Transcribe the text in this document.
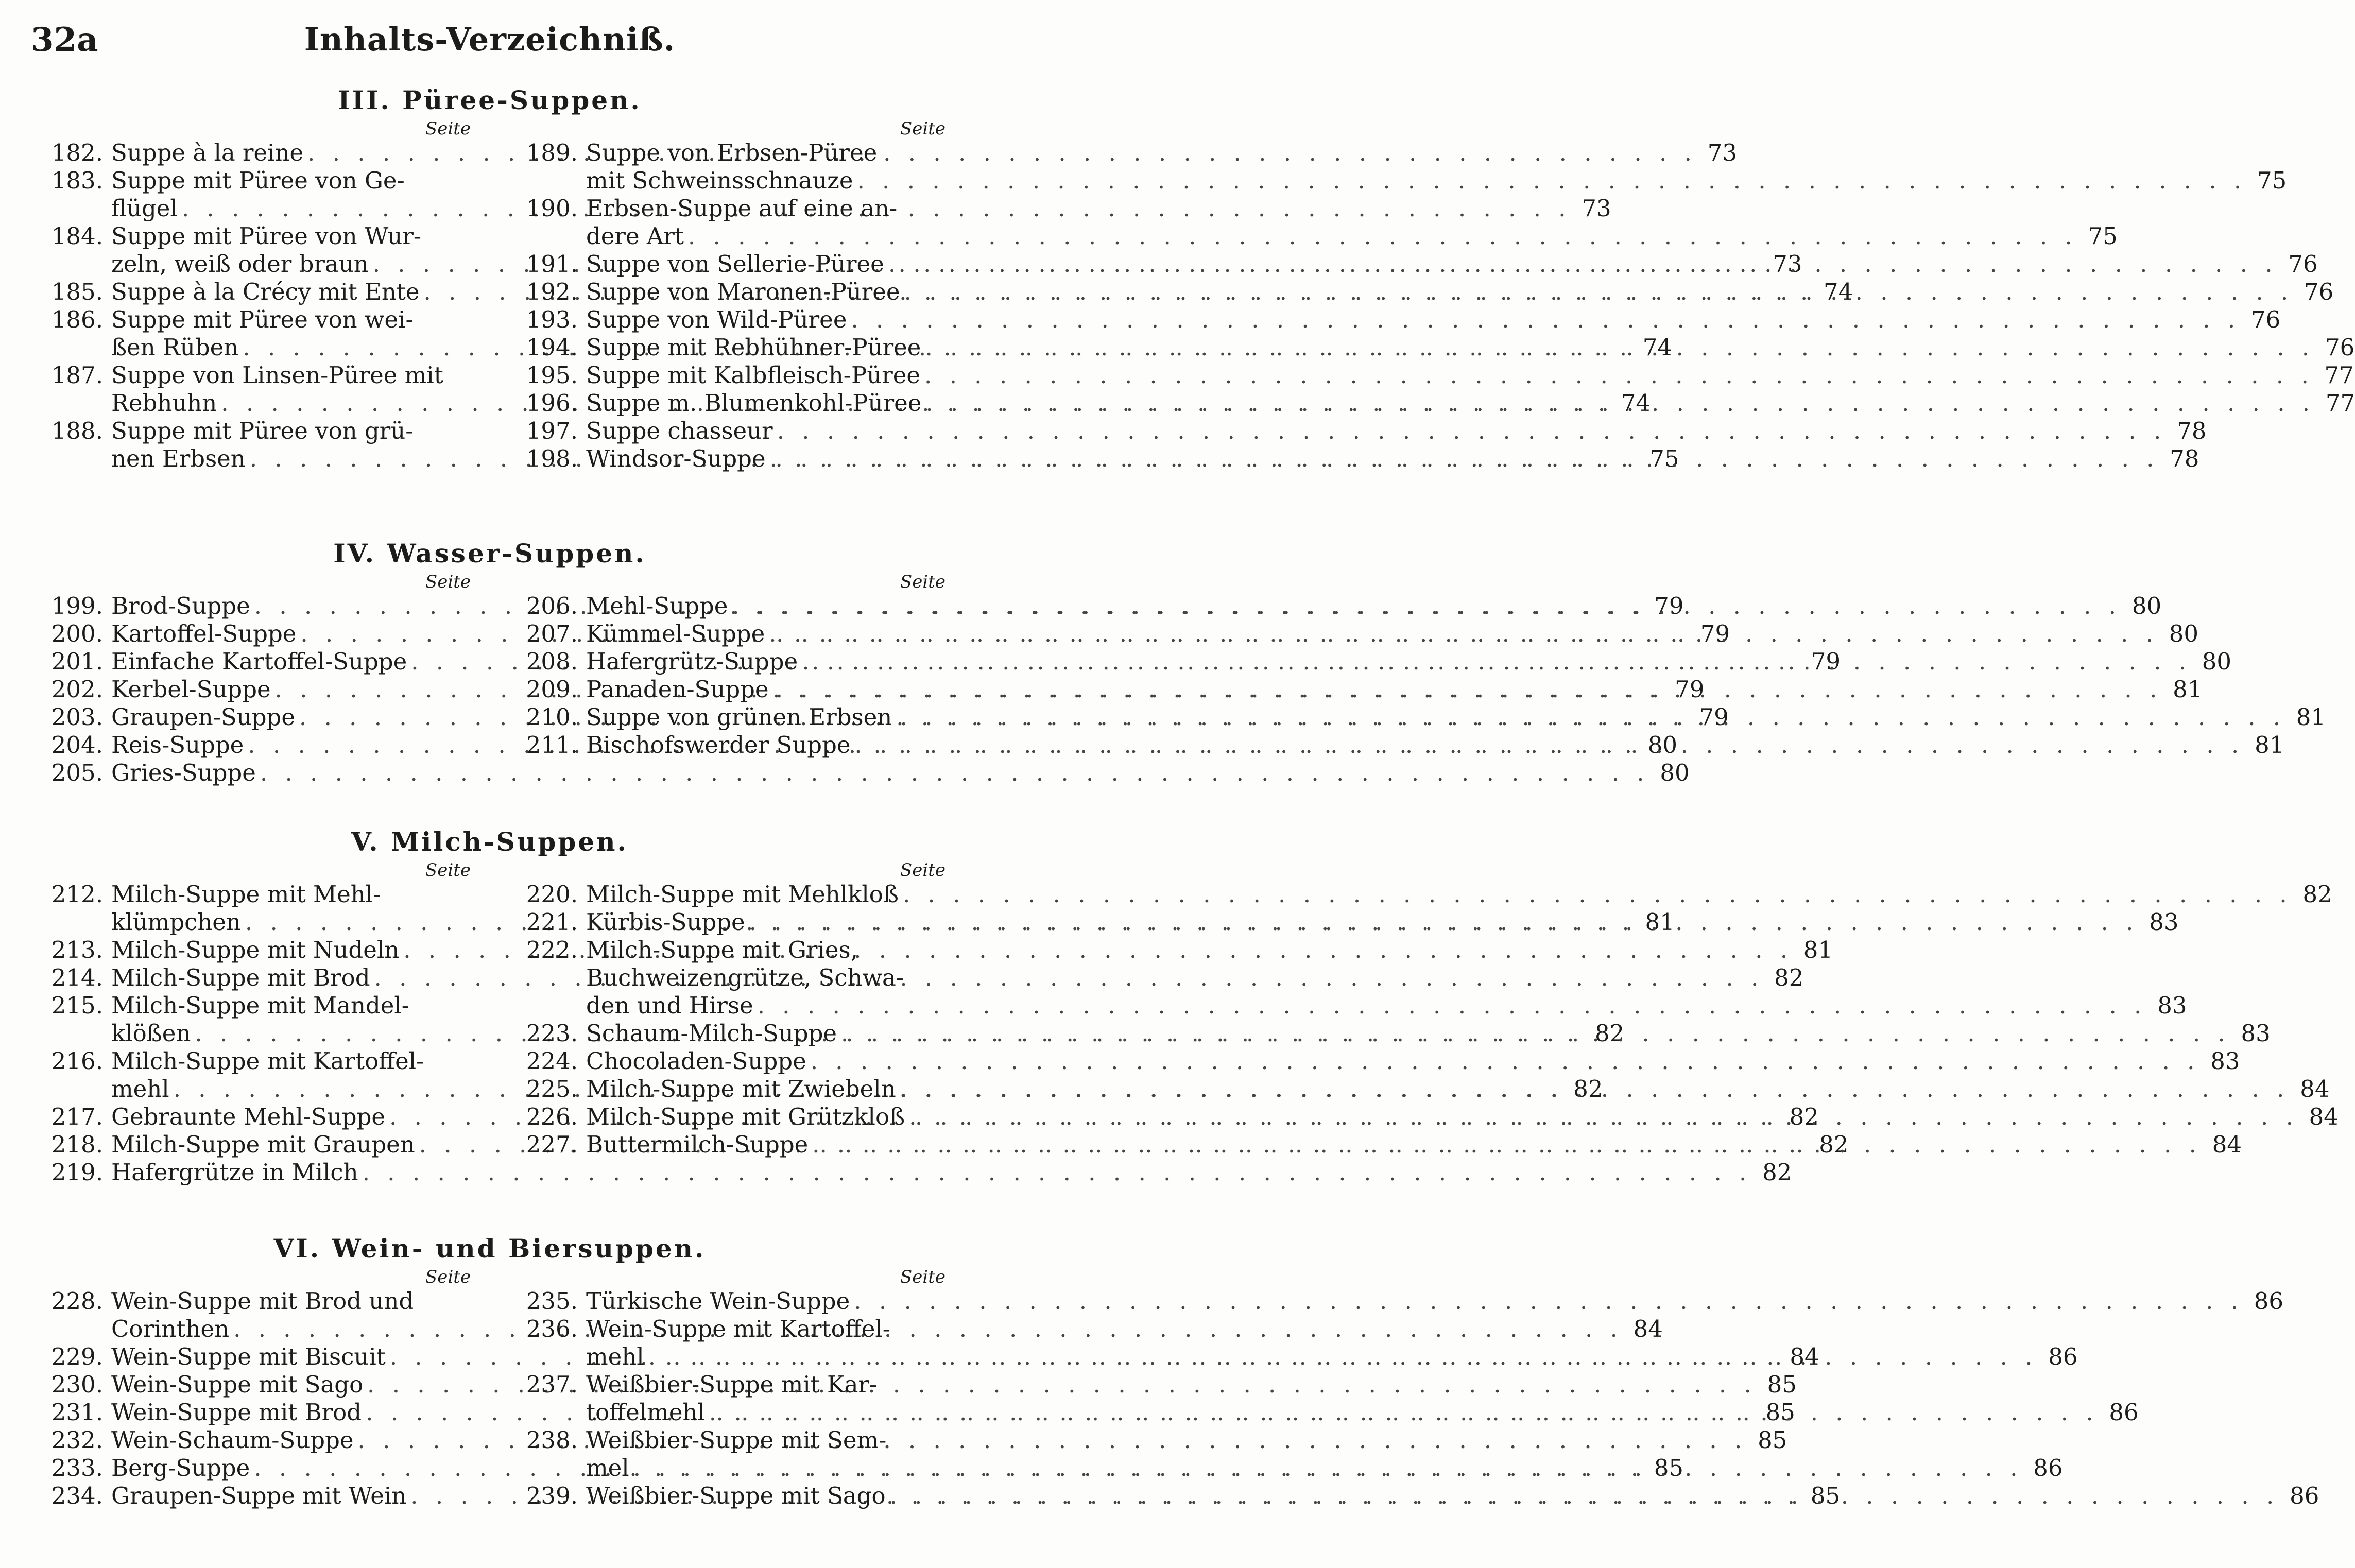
32a	Inhalts-Verzeichniß.
III. Püree-Suppen.
Seite
182. Suppe à la reine . . .	73
183. Suppe mit Püree von Ge-
flügel . . .	73
184. Suppe mit Püree von Wur-
zeln, weiß oder braun . . .	73
185. Suppe à la Crécy mit Ente . . .	74
186. Suppe mit Püree von wei-
ßen Rüben . . .	74
187. Suppe von Linsen-Püree mit
Rebhuhn . . .	74
188. Suppe mit Püree von grü-
nen Erbsen . . .	75
Seite
189. Suppe von Erbsen-Püree
mit Schweinsschnauze . . .	75
190. Erbsen-Suppe auf eine an-
dere Art . . .	75
191. Suppe von Sellerie-Püree . . .	76
192. Suppe von Maronen-Püree . . .	76
193. Suppe von Wild-Püree . . .	76
194. Suppe mit Rebhühner-Püree . . .	76
195. Suppe mit Kalbfleisch-Püree . . .	77
196. Suppe m. Blumenkohl-Püree . . .	77
197. Suppe chasseur . . .	78
198. Windsor-Suppe . . .	78
IV. Wasser-Suppen.
Seite
199. Brod-Suppe . . .	79
200. Kartoffel-Suppe . . .	79
201. Einfache Kartoffel-Suppe . . .	79
202. Kerbel-Suppe . . .	79
203. Graupen-Suppe . . .	79
204. Reis-Suppe . . .	80
205. Gries-Suppe . . .	80
Seite
206. Mehl-Suppe . . .	80
207. Kümmel-Suppe . . .	80
208. Hafergrütz-Suppe . . .	80
209. Panaden-Suppe . . .	81
210. Suppe von grünen Erbsen . . .	81
211. Bischofswerder Suppe . . .	81
V. Milch-Suppen.
Seite
212. Milch-Suppe mit Mehl-
klümpchen . . .	81
213. Milch-Suppe mit Nudeln . . .	81
214. Milch-Suppe mit Brod . . .	82
215. Milch-Suppe mit Mandel-
klößen . . .	82
216. Milch-Suppe mit Kartoffel-
mehl . . .	82
217. Gebraunte Mehl-Suppe . . .	82
218. Milch-Suppe mit Graupen . . .	82
219. Hafergrütze in Milch . . .	82
Seite
220. Milch-Suppe mit Mehlkloß . . .	82
221. Kürbis-Suppe . . .	83
222. Milch-Suppe mit Gries,
Buchweizengrütze, Schwa-
den und Hirse . . .	83
223. Schaum-Milch-Suppe . . .	83
224. Chocoladen-Suppe . . .	83
225. Milch-Suppe mit Zwiebeln . . .	84
226. Milch-Suppe mit Grützkloß . . .	84
227. Buttermilch-Suppe . . .	84
VI. Wein- und Biersuppen.
Seite
228. Wein-Suppe mit Brod und
Corinthen . . .	84
229. Wein-Suppe mit Biscuit . . .	84
230. Wein-Suppe mit Sago . . .	85
231. Wein-Suppe mit Brod . . .	85
232. Wein-Schaum-Suppe . . .	85
233. Berg-Suppe . . .	85
234. Graupen-Suppe mit Wein . . .	85
Seite
235. Türkische Wein-Suppe . . .	86
236. Wein-Suppe mit Kartoffel-
mehl . . .	86
237. Weißbier-Suppe mit Kar-
toffelmehl . . .	86
238. Weißbier-Suppe mit Sem-
mel . . .	86
239. Weißbier-Suppe mit Sago . . .	86
